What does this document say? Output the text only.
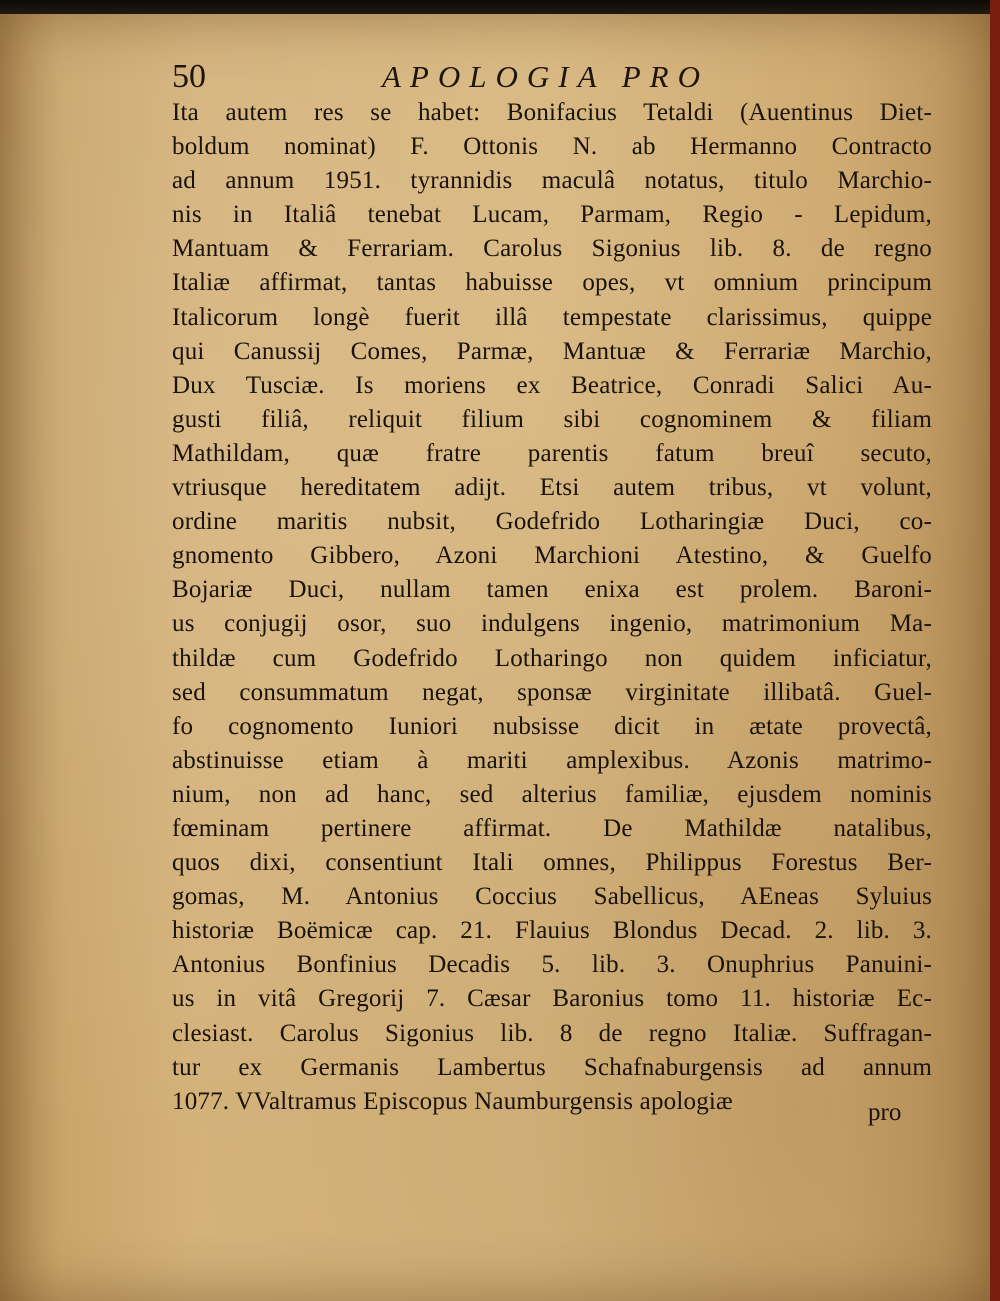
50	APOLOGIA PRO
Ita autem res se habet: Bonifacius Tetaldi (Auentinus Diet-
boldum nominat) F. Ottonis N. ab Hermanno Contracto
ad annum 1951. tyrannidis maculâ notatus, titulo Marchio-
nis in Italiâ tenebat Lucam, Parmam, Regio - Lepidum,
Mantuam & Ferrariam. Carolus Sigonius lib. 8. de regno
Italiæ affirmat, tantas habuisse opes, vt omnium principum
Italicorum longè fuerit illâ tempestate clarissimus, quippe
qui Canussij Comes, Parmæ, Mantuæ & Ferrariæ Marchio,
Dux Tusciæ. Is moriens ex Beatrice, Conradi Salici Au-
gusti filiâ, reliquit filium sibi cognominem & filiam
Mathildam, quæ fratre parentis fatum breuî secuto,
vtriusque hereditatem adijt. Etsi autem tribus, vt volunt,
ordine maritis nubsit, Godefrido Lotharingiæ Duci, co-
gnomento Gibbero, Azoni Marchioni Atestino, & Guelfo
Bojariæ Duci, nullam tamen enixa est prolem. Baroni-
us conjugij osor, suo indulgens ingenio, matrimonium Ma-
thildæ cum Godefrido Lotharingo non quidem inficiatur,
sed consummatum negat, sponsæ virginitate illibatâ. Guel-
fo cognomento Iuniori nubsisse dicit in ætate provectâ,
abstinuisse etiam à mariti amplexibus. Azonis matrimo-
nium, non ad hanc, sed alterius familiæ, ejusdem nominis
fœminam pertinere affirmat. De Mathildæ natalibus,
quos dixi, consentiunt Itali omnes, Philippus Forestus Ber-
gomas, M. Antonius Coccius Sabellicus, AEneas Syluius
historiæ Boëmicæ cap. 21. Flauius Blondus Decad. 2. lib. 3.
Antonius Bonfinius Decadis 5. lib. 3. Onuphrius Panuini-
us in vitâ Gregorij 7. Cæsar Baronius tomo 11. historiæ Ec-
clesiast. Carolus Sigonius lib. 8 de regno Italiæ. Suffragan-
tur ex Germanis Lambertus Schafnaburgensis ad annum
1077. VValtramus Episcopus Naumburgensis apologiæ	pro
